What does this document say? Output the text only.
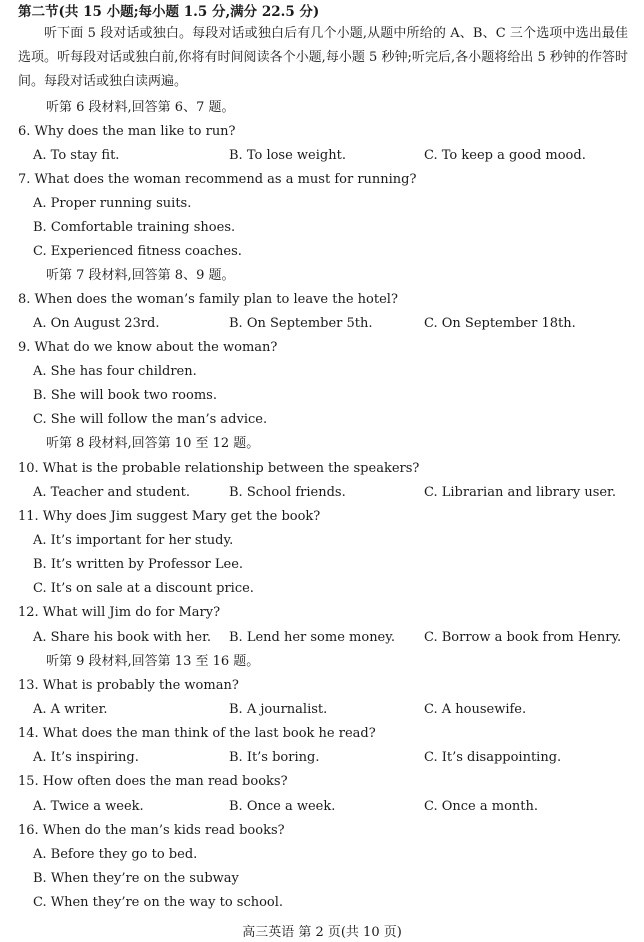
第二节(共 15 小题;每小题 1.5 分,满分 22.5 分)
听下面 5 段对话或独白。每段对话或独白后有几个小题,从题中所给的 A、B、C 三个选项中选出最佳选项。听每段对话或独白前,你将有时间阅读各个小题,每小题 5 秒钟;听完后,各小题将给出 5 秒钟的作答时间。每段对话或独白读两遍。
听第 6 段材料,回答第 6、7 题。
6. Why does the man like to run?
A. To stay fit.	B. To lose weight.	C. To keep a good mood.
7. What does the woman recommend as a must for running?
A. Proper running suits.
B. Comfortable training shoes.
C. Experienced fitness coaches.
听第 7 段材料,回答第 8、9 题。
8. When does the woman’s family plan to leave the hotel?
A. On August 23rd.	B. On September 5th.	C. On September 18th.
9. What do we know about the woman?
A. She has four children.
B. She will book two rooms.
C. She will follow the man’s advice.
听第 8 段材料,回答第 10 至 12 题。
10. What is the probable relationship between the speakers?
A. Teacher and student.	B. School friends.	C. Librarian and library user.
11. Why does Jim suggest Mary get the book?
A. It’s important for her study.
B. It’s written by Professor Lee.
C. It’s on sale at a discount price.
12. What will Jim do for Mary?
A. Share his book with her. B. Lend her some money. C. Borrow a book from Henry.
听第 9 段材料,回答第 13 至 16 题。
13. What is probably the woman?
A. A writer.	B. A journalist.	C. A housewife.
14. What does the man think of the last book he read?
A. It’s inspiring.	B. It’s boring.	C. It’s disappointing.
15. How often does the man read books?
A. Twice a week.	B. Once a week.	C. Once a month.
16. When do the man’s kids read books?
A. Before they go to bed.
B. When they’re on the subway
C. When they’re on the way to school.
高三英语 第 2 页(共 10 页)
